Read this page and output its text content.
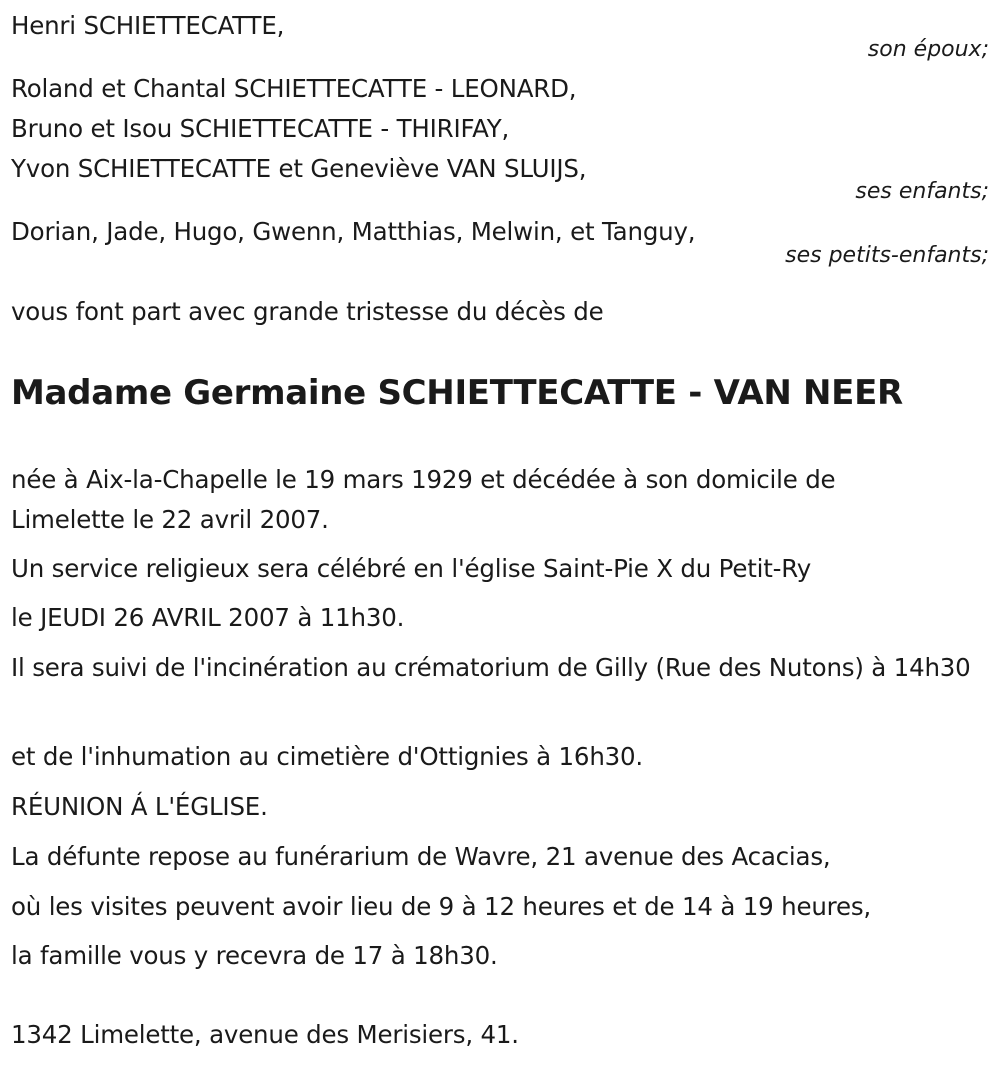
Henri SCHIETTECATTE,
son époux;
Roland et Chantal SCHIETTECATTE - LEONARD,
Bruno et Isou SCHIETTECATTE - THIRIFAY,
Yvon SCHIETTECATTE et Geneviève VAN SLUIJS,
ses enfants;
Dorian, Jade, Hugo, Gwenn, Matthias, Melwin, et Tanguy,
ses petits-enfants;
vous font part avec grande tristesse du décès de
Madame Germaine SCHIETTECATTE - VAN NEER
née à Aix-la-Chapelle le 19 mars 1929 et décédée à son domicile de Limelette le 22 avril 2007.
Un service religieux sera célébré en l'église Saint-Pie X du Petit-Ry
le JEUDI 26 AVRIL 2007 à 11h30.
Il sera suivi de l'incinération au crématorium de Gilly (Rue des Nutons) à 14h30
et de l'inhumation au cimetière d'Ottignies à 16h30.
RÉUNION Á L'ÉGLISE.
La défunte repose au funérarium de Wavre, 21 avenue des Acacias,
où les visites peuvent avoir lieu de 9 à 12 heures et de 14 à 19 heures,
la famille vous y recevra de 17 à 18h30.
1342 Limelette, avenue des Merisiers, 41.
